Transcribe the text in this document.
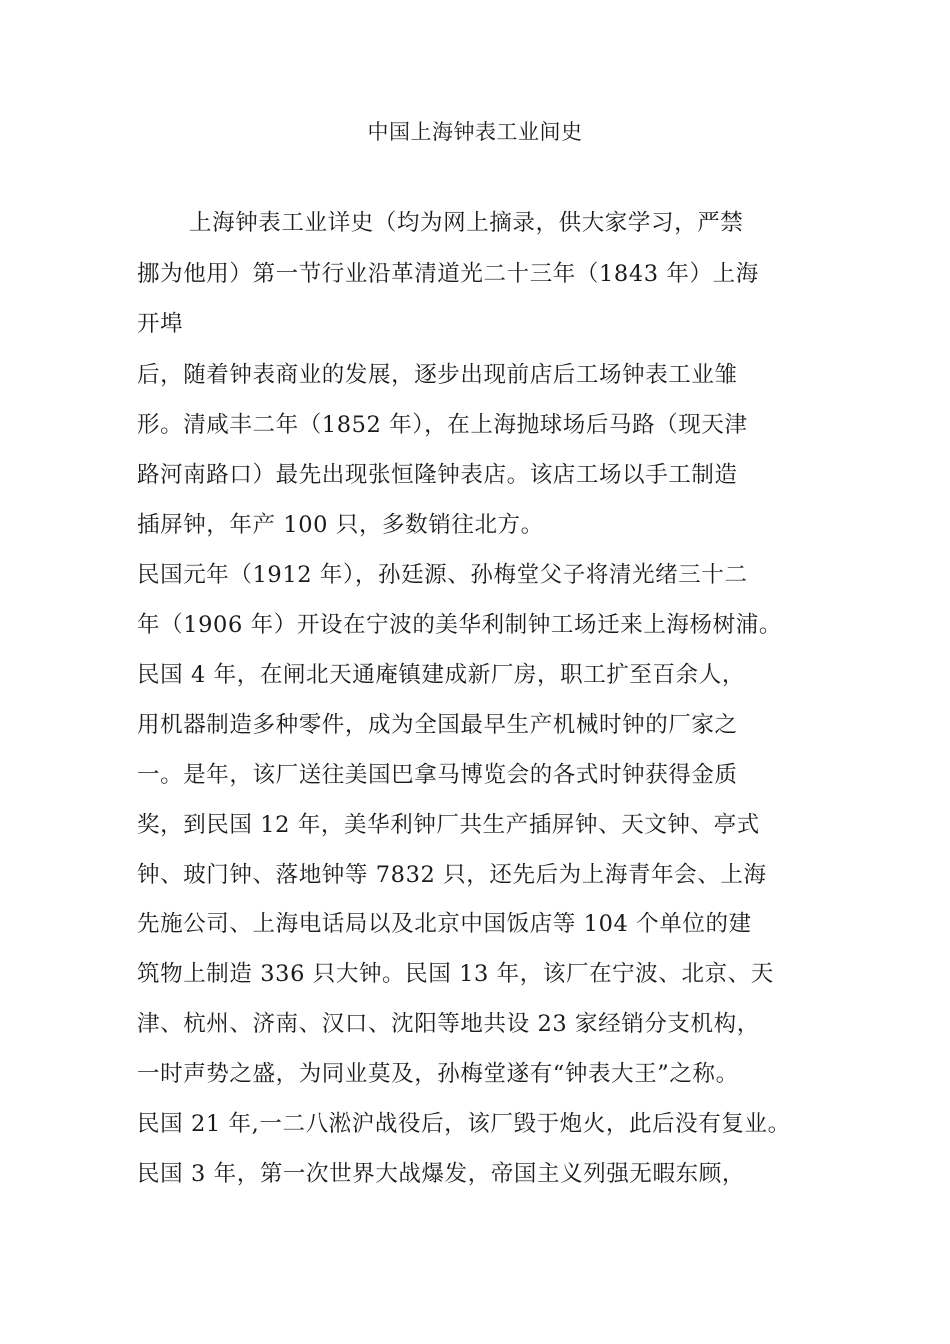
中国上海钟表工业间史
上海钟表工业详史（均为网上摘录，供大家学习，严禁
挪为他用）第一节行业沿革清道光二十三年（1843 年）上海
开埠
后，随着钟表商业的发展，逐步出现前店后工场钟表工业雏
形。清咸丰二年（1852 年），在上海抛球场后马路（现天津
路河南路口）最先出现张恒隆钟表店。该店工场以手工制造
插屏钟，年产 100 只，多数销往北方。
民国元年（1912 年），孙廷源、孙梅堂父子将清光绪三十二
年（1906 年）开设在宁波的美华利制钟工场迁来上海杨树浦。
民国 4 年，在闸北天通庵镇建成新厂房，职工扩至百余人，
用机器制造多种零件，成为全国最早生产机械时钟的厂家之
一。是年，该厂送往美国巴拿马博览会的各式时钟获得金质
奖，到民国 12 年，美华利钟厂共生产插屏钟、天文钟、亭式
钟、玻门钟、落地钟等 7832 只，还先后为上海青年会、上海
先施公司、上海电话局以及北京中国饭店等 104 个单位的建
筑物上制造 336 只大钟。民国 13 年，该厂在宁波、北京、天
津、杭州、济南、汉口、沈阳等地共设 23 家经销分支机构，
一时声势之盛，为同业莫及，孙梅堂遂有“钟表大王”之称。
民国 21 年,一二八淞沪战役后，该厂毁于炮火，此后没有复业。
民国 3 年，第一次世界大战爆发，帝国主义列强无暇东顾，
